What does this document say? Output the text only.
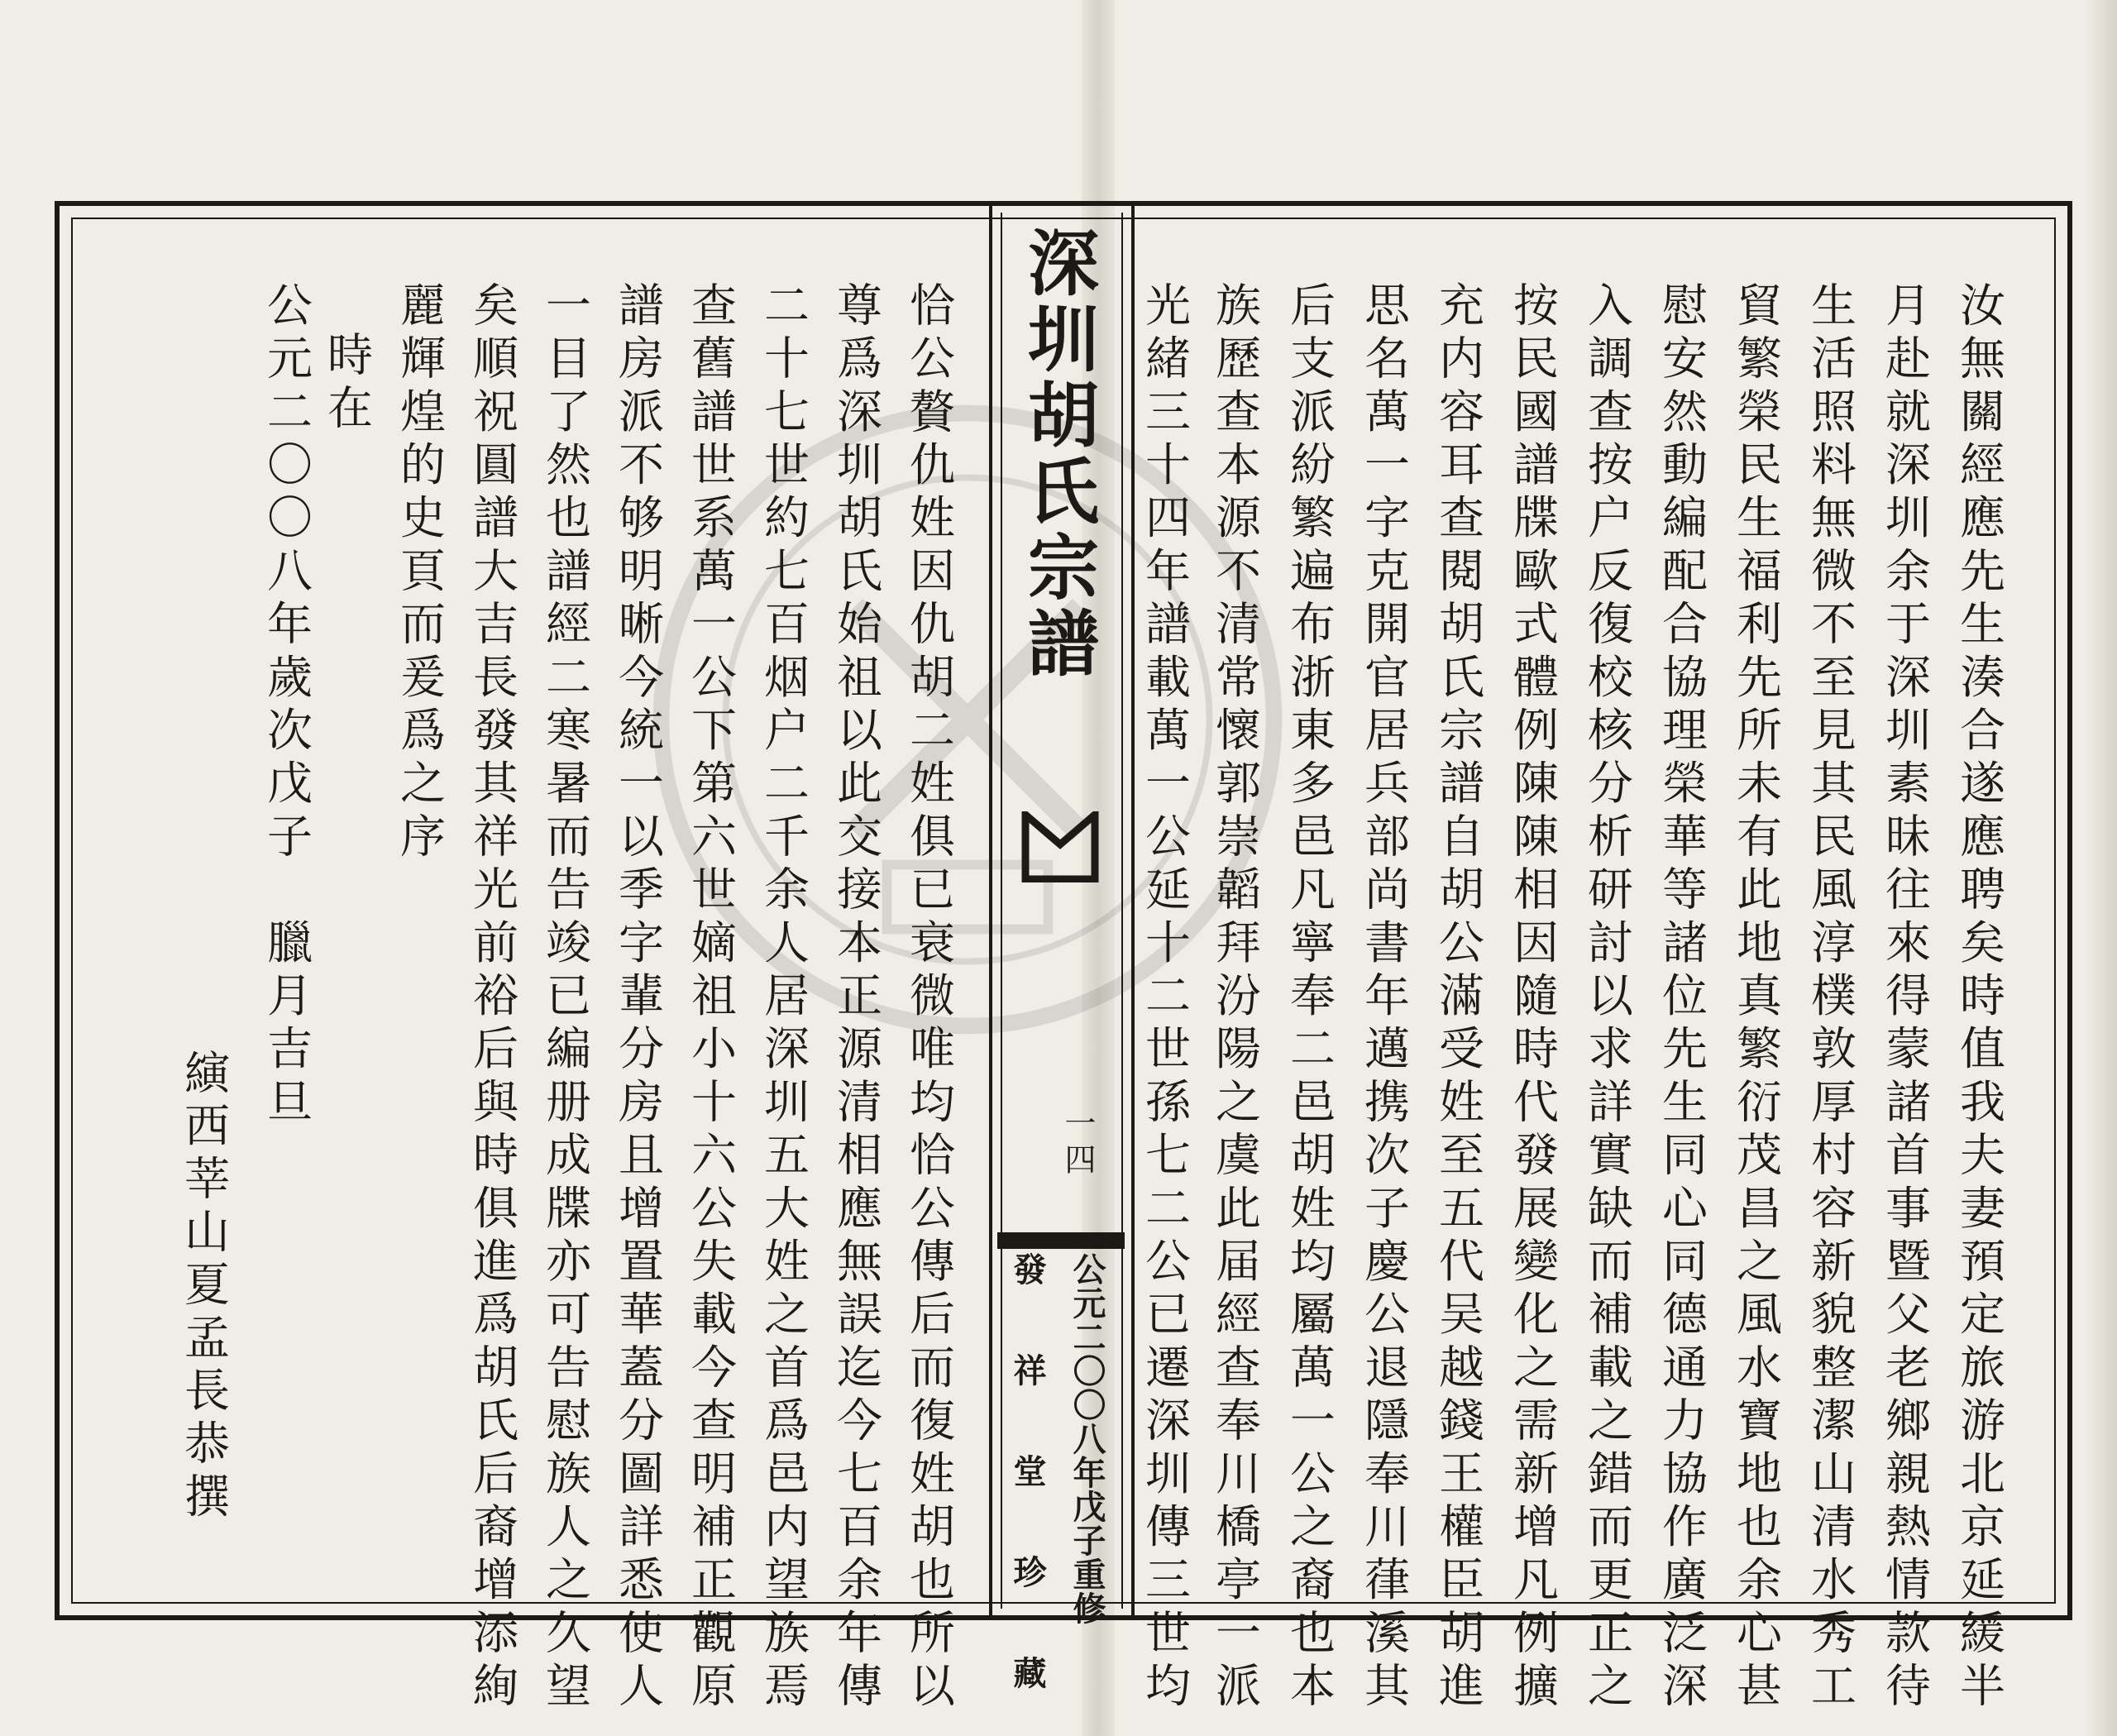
深圳胡氏宗譜
一四
公元二〇〇八年戊子重修
發 祥 堂 珍 藏	汝無關經應先生湊合遂應聘矣時值我夫妻預定旅游北京延緩半
月赴就深圳余于深圳素昧往來得蒙諸首事暨父老鄉親熱情款待
生活照料無微不至見其民風淳樸敦厚村容新貌整潔山清水秀工
貿繁榮民生福利先所未有此地真繁衍茂昌之風水寶地也余心甚
慰安然動編配合協理榮華等諸位先生同心同德通力協作廣泛深
入調查按户反復校核分析研討以求詳實缺而補載之錯而更正之
按民國譜牒歐式體例陳陳相因隨時代發展變化之需新增凡例擴
充内容耳查閱胡氏宗譜自胡公滿受姓至五代吴越錢王權臣胡進
思名萬一字克開官居兵部尚書年邁携次子慶公退隱奉川葎溪其
后支派紛繁遍布浙東多邑凡寧奉二邑胡姓均屬萬一公之裔也本
族歷查本源不清常懷郭崇韜拜汾陽之虞此届經查奉川橋亭一派
光緒三十四年譜載萬一公延十二世孫七二公已遷深圳傳三世均
恰公贅仇姓因仇胡二姓俱已衰微唯均恰公傳后而復姓胡也所以
尊爲深圳胡氏始祖以此交接本正源清相應無誤迄今七百余年傳
二十七世約七百烟户二千余人居深圳五大姓之首爲邑内望族焉
查舊譜世系萬一公下第六世嫡祖小十六公失載今查明補正觀原
譜房派不够明晰今統一以季字輩分房且增置華蓋分圖詳悉使人
一目了然也譜經二寒暑而告竣已編册成牒亦可告慰族人之久望
矣順祝圓譜大吉長發其祥光前裕后與時俱進爲胡氏后裔增添絢
麗輝煌的史頁而爰爲之序
時在
公元二〇〇八年歲次戊子　臘月吉旦
縯西莘山夏孟長恭撰
